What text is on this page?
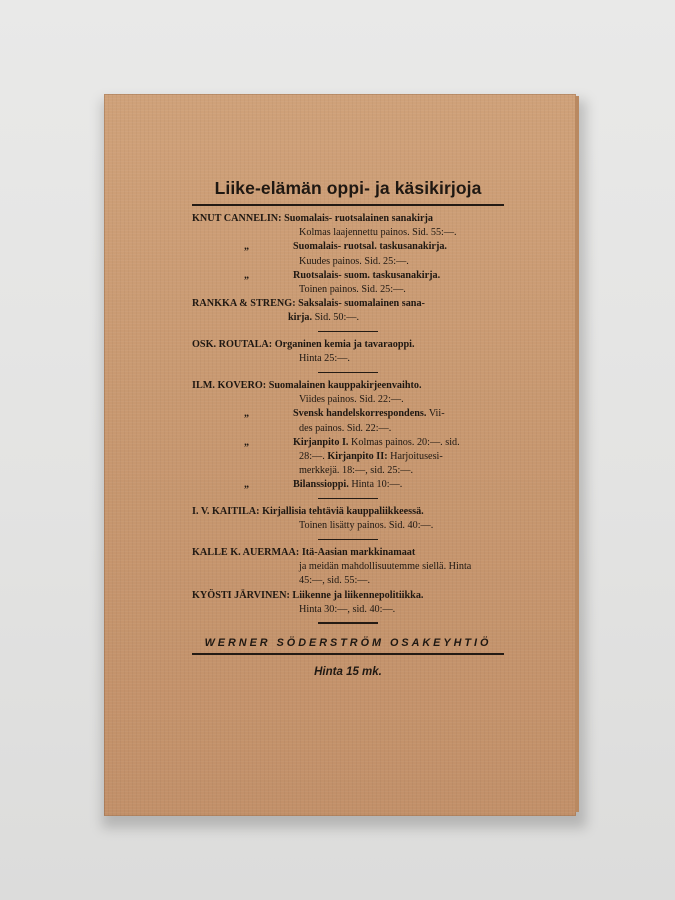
Liike-elämän oppi- ja käsikirjoja
KNUT CANNELIN: Suomalais- ruotsalainen sanakirja
Kolmas laajennettu painos. Sid. 55:—.
„	Suomalais- ruotsal. taskusanakirja.
Kuudes painos. Sid. 25:—.
„	Ruotsalais- suom. taskusanakirja.
Toinen painos. Sid. 25:—.
RANKKA & STRENG: Saksalais- suomalainen sana-
kirja. Sid. 50:—.
OSK. ROUTALA: Organinen kemia ja tavaraoppi.
Hinta 25:—.
ILM. KOVERO: Suomalainen kauppakirjeenvaihto.
Viides painos. Sid. 22:—.
„	Svensk handelskorrespondens. Vii-
des painos. Sid. 22:—.
„	Kirjanpito I. Kolmas painos. 20:—. sid.
28:—. Kirjanpito II: Harjoitusesi-
merkkejä. 18:—, sid. 25:—.
„	Bilanssioppi. Hinta 10:—.
I. V. KAITILA: Kirjallisia tehtäviä kauppaliikkeessä.
Toinen lisätty painos. Sid. 40:—.
KALLE K. AUERMAA: Itä-Aasian markkinamaat
ja meidän mahdollisuutemme siellä. Hinta
45:—, sid. 55:—.
KYÖSTI JÄRVINEN: Liikenne ja liikennepolitiikka.
Hinta 30:—, sid. 40:—.
WERNER SÖDERSTRÖM OSAKEYHTIÖ
Hinta 15 mk.
